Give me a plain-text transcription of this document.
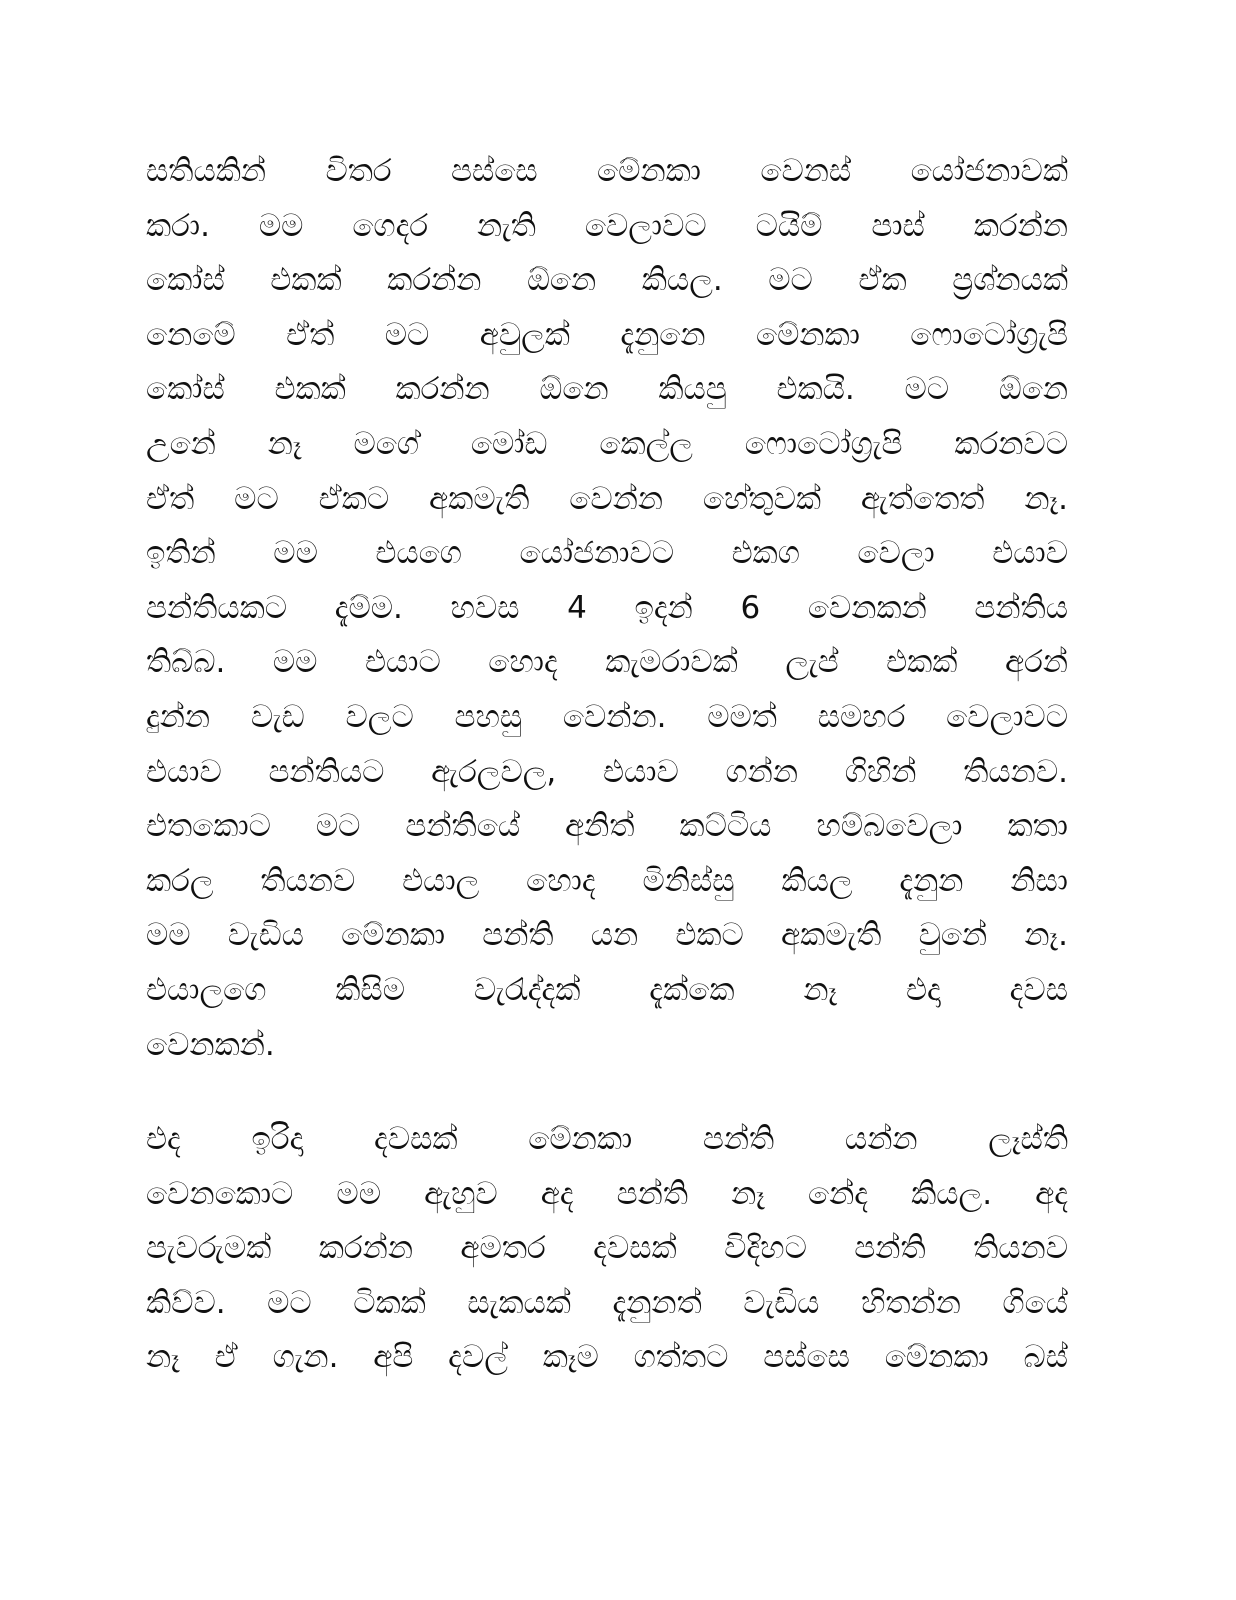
සතියකින් විතර පස්සෙ මේනකා වෙනස් යෝජනාවක්
කරා. මම ගෙදර නැති වෙලාවට ටයිම් පාස් කරන්න
කෝස් එකක් කරන්න ඕනෙ කියල. මට ඒක ප්‍රශ්නයක්
නෙමේ ඒත් මට අවුලක් දැනුනෙ මේනකා ෆොටෝග්‍රැපි
කෝස් එකක් කරන්න ඕනෙ කියපු එකයි. මට ඕනෙ
උනේ නෑ මගේ මෝඩ කෙල්ල ෆොටෝග්‍රැපි කරනවට
ඒත් මට ඒකට අකමැති වෙන්න හේතුවක් ඇත්තෙත් නෑ.
ඉතින් මම එයගෙ යෝජනාවට එකග වෙලා එයාව
පන්තියකට දැම්ම. හවස 4 ඉදන් 6 වෙනකන් පන්තිය
තිබ්බ. මම එයාට හොද කැමරාවක් ලැප් එකක් අරන්
දුන්න වැඩ වලට පහසු වෙන්න. මමත් සමහර වෙලාවට
එයාව පන්තියට ඇරලවල, එයාව ගන්න ගිහින් තියනව.
එතකොට මට පන්තියේ අනිත් කට්ටිය හම්බවෙලා කතා
කරල තියනව එයාල හොද මිනිස්සු කියල දැනුන නිසා
මම වැඩිය මේනකා පන්ති යන එකට අකමැති වුනේ නෑ.
එයාලගෙ කිසිම වැරැද්දක් දැක්කෙ නෑ එදා දවස
වෙනකන්.
එද ඉරිදා දවසක් මේනකා පන්ති යන්න ලෑස්ති
වෙනකොට මම ඇහුව අද පන්ති නෑ නේද කියල. අද
පැවරුමක් කරන්න අමතර දවසක් විදිහට පන්ති තියනව
කිව්ව. මට ටිකක් සැකයක් දැනුනත් වැඩිය හිතන්න ගියේ
නෑ ඒ ගැන. අපි දවල් කෑම ගත්තට පස්සෙ මේනකා බස්
